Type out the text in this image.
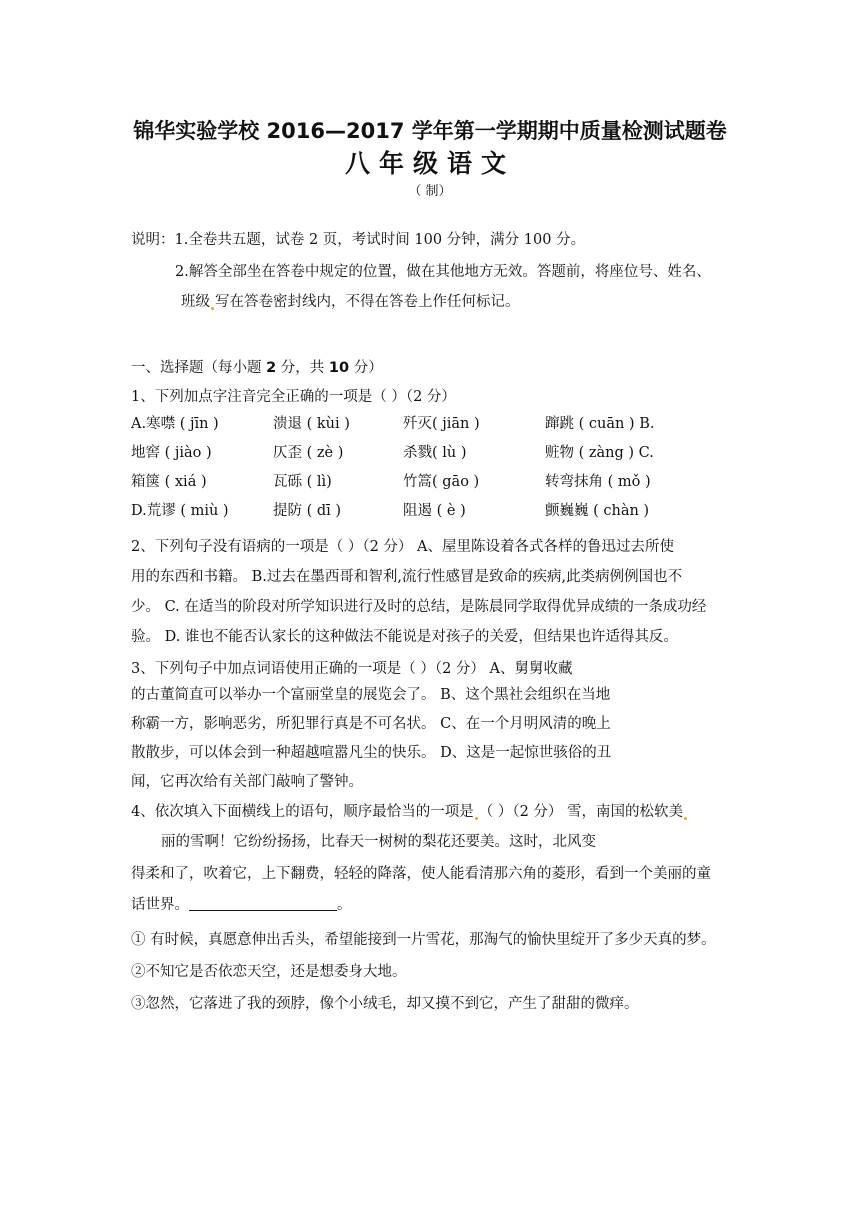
锦华实验学校 2016—2017 学年第一学期期中质量检测试题卷
八年级语文
（ 制）
说明：1.全卷共五题，试卷 2 页，考试时间 100 分钟，满分 100 分。
2.解答全部坐在答卷中规定的位置，做在其他地方无效。答题前，将座位号、姓名、
班级 写在答卷密封线内，不得在答卷上作任何标记。
一、选择题（每小题 2 分，共 10 分）
1、下列加点字注音完全正确的一项是（ ）（2 分）
A.寒噤 ( jīn )	溃退 ( kùi )	歼灭( jiān )	蹿跳 ( cuān ) B.
地窖 ( jiào )	仄歪 ( zè )	杀戮( lù )	赃物 ( zàng ) C.
箱箧 ( xiá )	瓦砾 ( lì)	竹篙( gāo )	转弯抹角 ( mǒ )
D.荒谬 ( miù )	提防 ( dī )	阻遏 ( è )	颤巍巍 ( chàn )
2、下列句子没有语病的一项是（ ）（2 分） A、屋里陈设着各式各样的鲁迅过去所使
用的东西和书籍。 B.过去在墨西哥和智利,流行性感冒是致命的疾病,此类病例例国也不
少。 C. 在适当的阶段对所学知识进行及时的总结，是陈晨同学取得优异成绩的一条成功经
验。 D. 谁也不能否认家长的这种做法不能说是对孩子的关爱，但结果也许适得其反。
3、下列句子中加点词语使用正确的一项是（ ）（2 分） A、舅舅收藏
的古董简直可以举办一个富丽堂皇的展览会了。 B、这个黑社会组织在当地
称霸一方，影响恶劣，所犯罪行真是不可名状。 C、在一个月明风清的晚上
散散步，可以体会到一种超越喧嚣凡尘的快乐。 D、这是一起惊世骇俗的丑
闻，它再次给有关部门敲响了警钟。
4、依次填入下面横线上的语句，顺序最恰当的一项是 （ ）（2 分） 雪，南国的松软美
丽的雪啊！它纷纷扬扬，比春天一树树的梨花还要美。这时，北风变
得柔和了，吹着它，上下翻费，轻轻的降落，使人能看清那六角的菱形，看到一个美丽的童
话世界。	。
① 有时候，真愿意伸出舌头，希望能接到一片雪花，那淘气的愉快里绽开了多少天真的梦。
②不知它是否依恋天空，还是想委身大地。
③忽然，它落进了我的颈脖，像个小绒毛，却又摸不到它，产生了甜甜的微痒。
